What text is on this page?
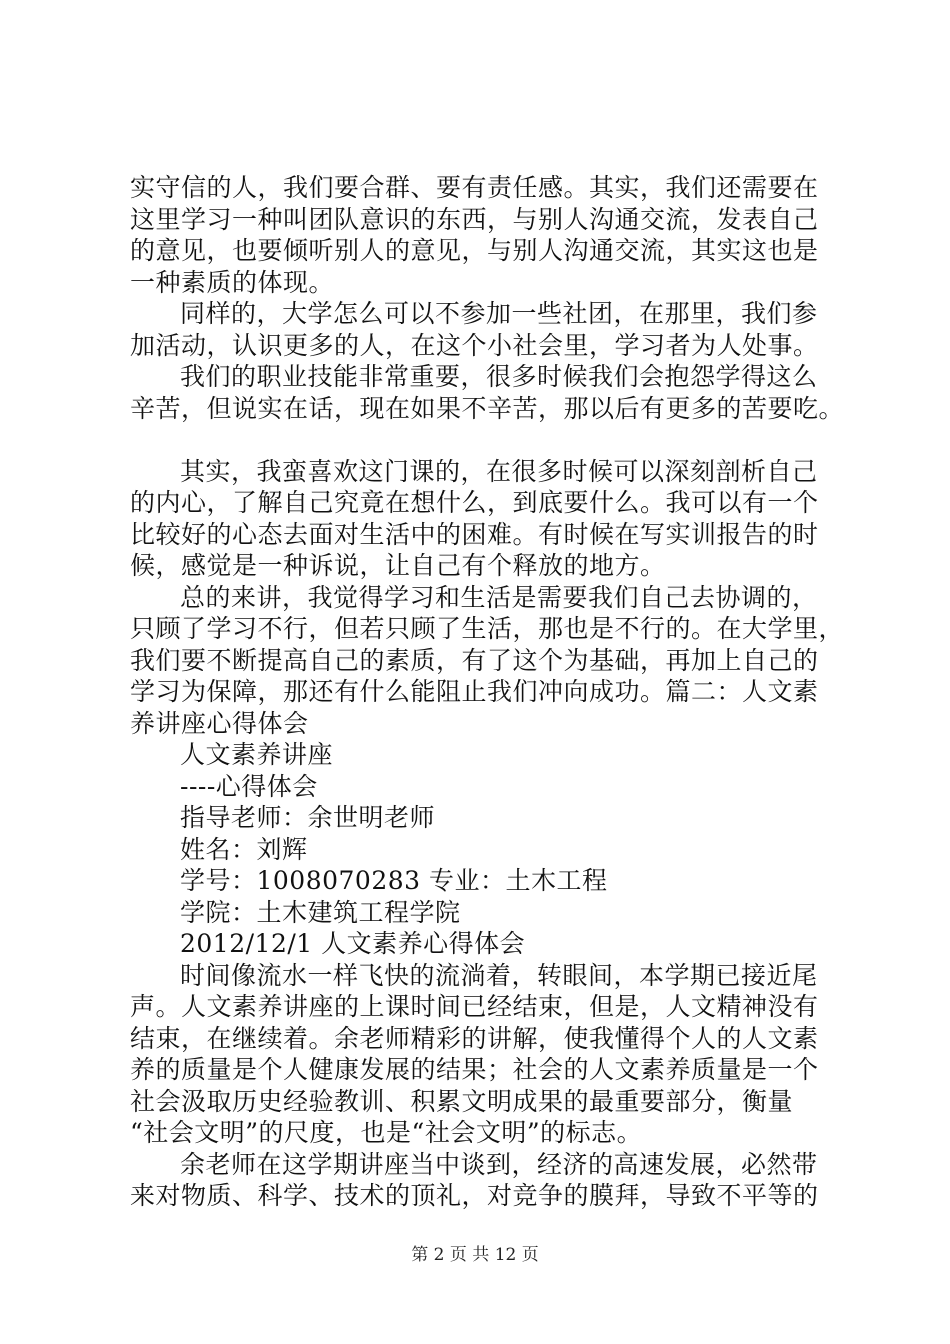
实守信的人，我们要合群、要有责任感。其实，我们还需要在
这里学习一种叫团队意识的东西，与别人沟通交流，发表自己
的意见，也要倾听别人的意见，与别人沟通交流，其实这也是
一种素质的体现。
同样的，大学怎么可以不参加一些社团，在那里，我们参
加活动，认识更多的人，在这个小社会里，学习者为人处事。
我们的职业技能非常重要，很多时候我们会抱怨学得这么
辛苦，但说实在话，现在如果不辛苦，那以后有更多的苦要吃。
其实，我蛮喜欢这门课的，在很多时候可以深刻剖析自己
的内心，了解自己究竟在想什么，到底要什么。我可以有一个
比较好的心态去面对生活中的困难。有时候在写实训报告的时
候，感觉是一种诉说，让自己有个释放的地方。
总的来讲，我觉得学习和生活是需要我们自己去协调的，
只顾了学习不行，但若只顾了生活，那也是不行的。在大学里，
我们要不断提高自己的素质，有了这个为基础，再加上自己的
学习为保障，那还有什么能阻止我们冲向成功。篇二：人文素
养讲座心得体会
人文素养讲座
----心得体会
指导老师：余世明老师
姓名：刘辉
学号：1008070283 专业：土木工程
学院：土木建筑工程学院
2012/12/1 人文素养心得体会
时间像流水一样飞快的流淌着，转眼间，本学期已接近尾
声。人文素养讲座的上课时间已经结束，但是，人文精神没有
结束，在继续着。余老师精彩的讲解，使我懂得个人的人文素
养的质量是个人健康发展的结果；社会的人文素养质量是一个
社会汲取历史经验教训、积累文明成果的最重要部分，衡量
“社会文明”的尺度，也是“社会文明”的标志。
余老师在这学期讲座当中谈到，经济的高速发展，必然带
来对物质、科学、技术的顶礼，对竞争的膜拜，导致不平等的
第 2 页 共 12 页
